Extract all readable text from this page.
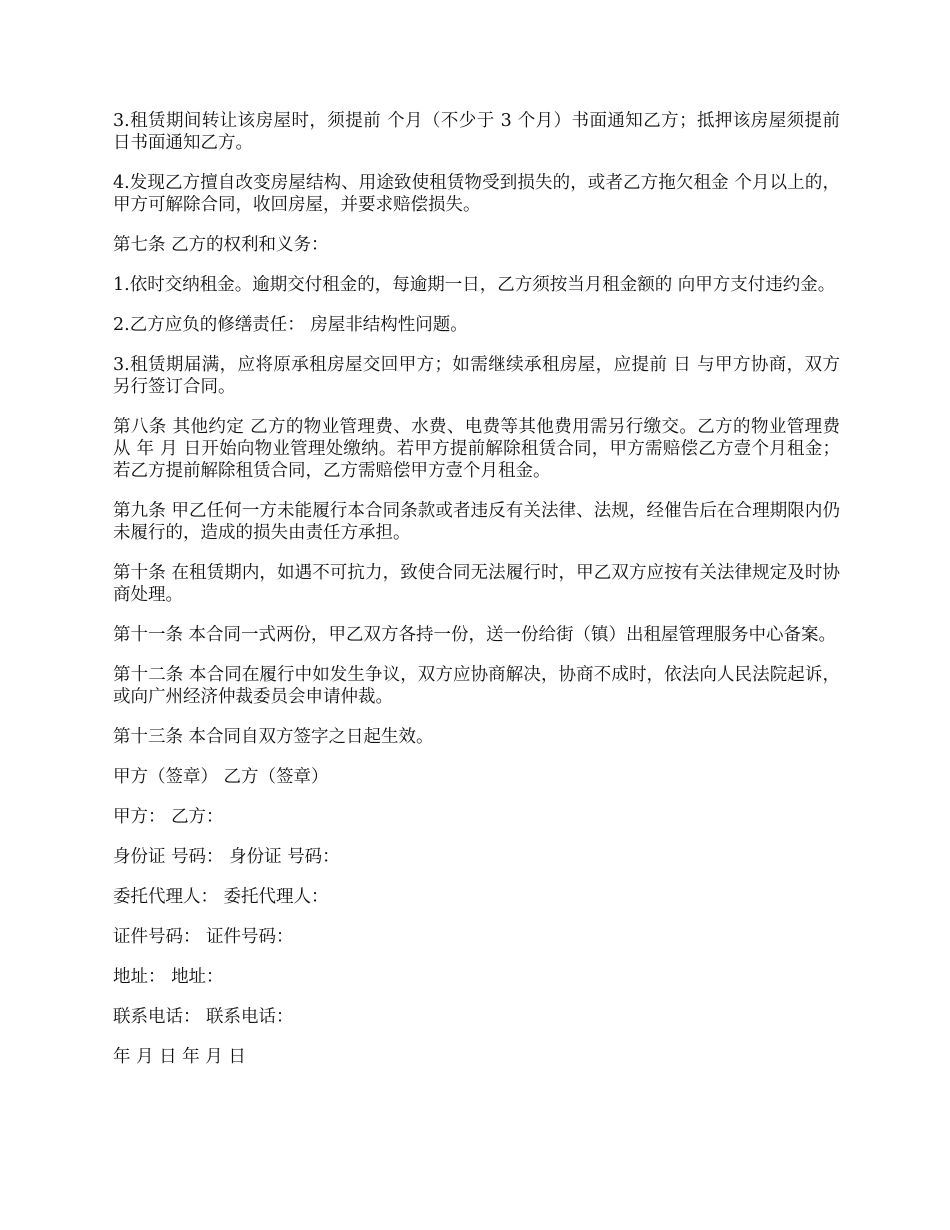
3.租赁期间转让该房屋时，须提前 个月（不少于 3 个月）书面通知乙方；抵押该房屋须提前 日书面通知乙方。

4.发现乙方擅自改变房屋结构、用途致使租赁物受到损失的，或者乙方拖欠租金 个月以上的，甲方可解除合同，收回房屋，并要求赔偿损失。

第七条 乙方的权利和义务：

1.依时交纳租金。逾期交付租金的，每逾期一日，乙方须按当月租金额的 向甲方支付违约金。

2.乙方应负的修缮责任： 房屋非结构性问题。

3.租赁期届满，应将原承租房屋交回甲方；如需继续承租房屋，应提前 日 与甲方协商，双方另行签订合同。

第八条 其他约定 乙方的物业管理费、水费、电费等其他费用需另行缴交。乙方的物业管理费从 年 月 日开始向物业管理处缴纳。若甲方提前解除租赁合同，甲方需赔偿乙方壹个月租金；若乙方提前解除租赁合同，乙方需赔偿甲方壹个月租金。

第九条 甲乙任何一方未能履行本合同条款或者违反有关法律、法规，经催告后在合理期限内仍未履行的，造成的损失由责任方承担。

第十条 在租赁期内，如遇不可抗力，致使合同无法履行时，甲乙双方应按有关法律规定及时协商处理。

第十一条 本合同一式两份，甲乙双方各持一份，送一份给街（镇）出租屋管理服务中心备案。

第十二条 本合同在履行中如发生争议，双方应协商解决，协商不成时，依法向人民法院起诉，或向广州经济仲裁委员会申请仲裁。

第十三条 本合同自双方签字之日起生效。

甲方（签章） 乙方（签章）

甲方： 乙方：

身份证 号码： 身份证 号码：

委托代理人： 委托代理人：

证件号码： 证件号码：

地址： 地址：

联系电话： 联系电话：

年 月 日 年 月 日
